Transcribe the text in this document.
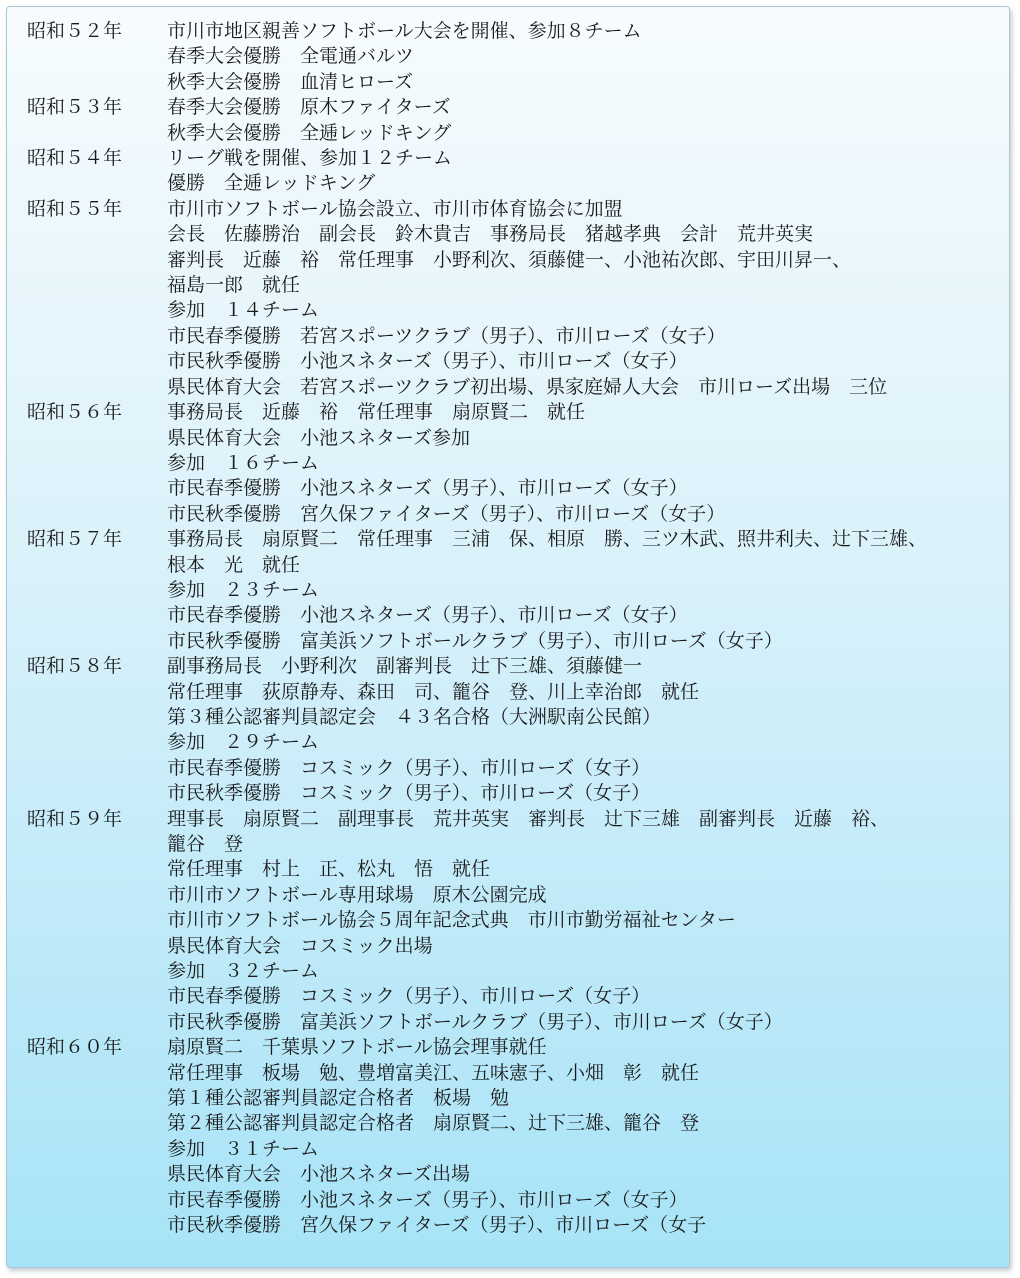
昭和５２年 市川市地区親善ソフトボール大会を開催、参加８チーム
春季大会優勝　全電通バルツ
秋季大会優勝　血清ヒローズ
昭和５３年 春季大会優勝　原木ファイターズ
秋季大会優勝　全逓レッドキング
昭和５４年 リーグ戦を開催、参加１２チーム
優勝　全逓レッドキング
昭和５５年 市川市ソフトボール協会設立、市川市体育協会に加盟
会長　佐藤勝治　副会長　鈴木貴吉　事務局長　猪越孝典　会計　荒井英実
審判長　近藤　裕　常任理事　小野利次、須藤健一、小池祐次郎、宇田川昇一、
福島一郎　就任
参加　１４チーム
市民春季優勝　若宮スポーツクラブ（男子）、市川ローズ（女子）
市民秋季優勝　小池スネターズ（男子）、市川ローズ（女子）
県民体育大会　若宮スポーツクラブ初出場、県家庭婦人大会　市川ローズ出場　三位
昭和５６年 事務局長　近藤　裕　常任理事　扇原賢二　就任
県民体育大会　小池スネターズ参加
参加　１６チーム
市民春季優勝　小池スネターズ（男子）、市川ローズ（女子）
市民秋季優勝　宮久保ファイターズ（男子）、市川ローズ（女子）
昭和５７年 事務局長　扇原賢二　常任理事　三浦　保、相原　勝、三ツ木武、照井利夫、辻下三雄、
根本　光　就任
参加　２３チーム
市民春季優勝　小池スネターズ（男子）、市川ローズ（女子）
市民秋季優勝　富美浜ソフトボールクラブ（男子）、市川ローズ（女子）
昭和５８年 副事務局長　小野利次　副審判長　辻下三雄、須藤健一
常任理事　荻原静寿、森田　司、籠谷　登、川上幸治郎　就任
第３種公認審判員認定会　４３名合格（大洲駅南公民館）
参加　２９チーム
市民春季優勝　コスミック（男子）、市川ローズ（女子）
市民秋季優勝　コスミック（男子）、市川ローズ（女子）
昭和５９年 理事長　扇原賢二　副理事長　荒井英実　審判長　辻下三雄　副審判長　近藤　裕、
籠谷　登
常任理事　村上　正、松丸　悟　就任
市川市ソフトボール専用球場　原木公園完成
市川市ソフトボール協会５周年記念式典　市川市勤労福祉センター
県民体育大会　コスミック出場
参加　３２チーム
市民春季優勝　コスミック（男子）、市川ローズ（女子）
市民秋季優勝　富美浜ソフトボールクラブ（男子）、市川ローズ（女子）
昭和６０年 扇原賢二　千葉県ソフトボール協会理事就任
常任理事　板場　勉、豊増富美江、五味憲子、小畑　彰　就任
第１種公認審判員認定合格者　板場　勉
第２種公認審判員認定合格者　扇原賢二、辻下三雄、籠谷　登
参加　３１チーム
県民体育大会　小池スネターズ出場
市民春季優勝　小池スネターズ（男子）、市川ローズ（女子）
市民秋季優勝　宮久保ファイターズ（男子）、市川ローズ（女子
